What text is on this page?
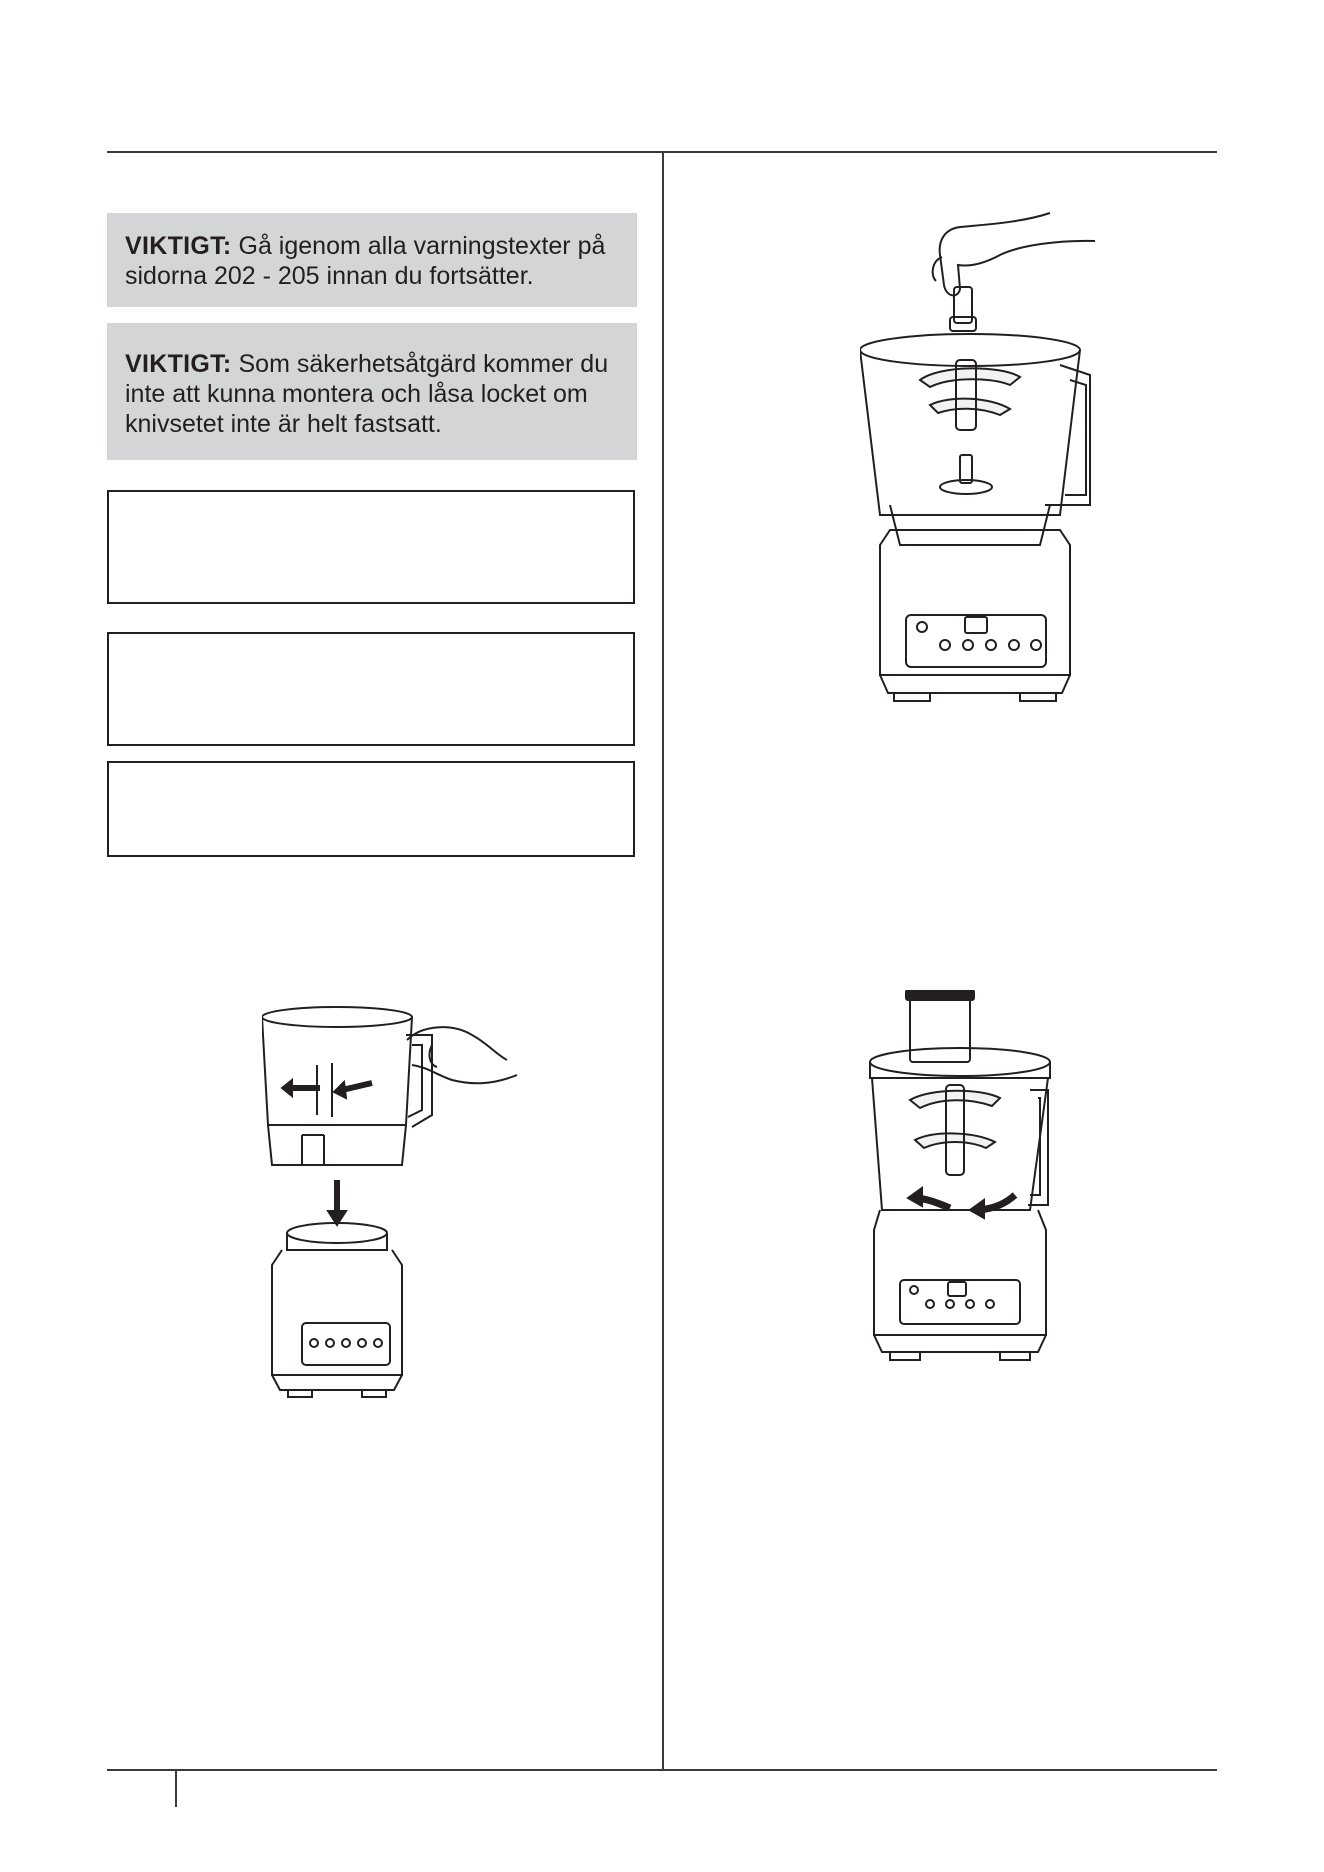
VIKTIGT: Gå igenom alla varningstexter på sidorna 202 - 205 innan du fortsätter.
VIKTIGT: Som säkerhetsåtgärd kommer du inte att kunna montera och låsa locket om knivsetet inte är helt fastsatt.
